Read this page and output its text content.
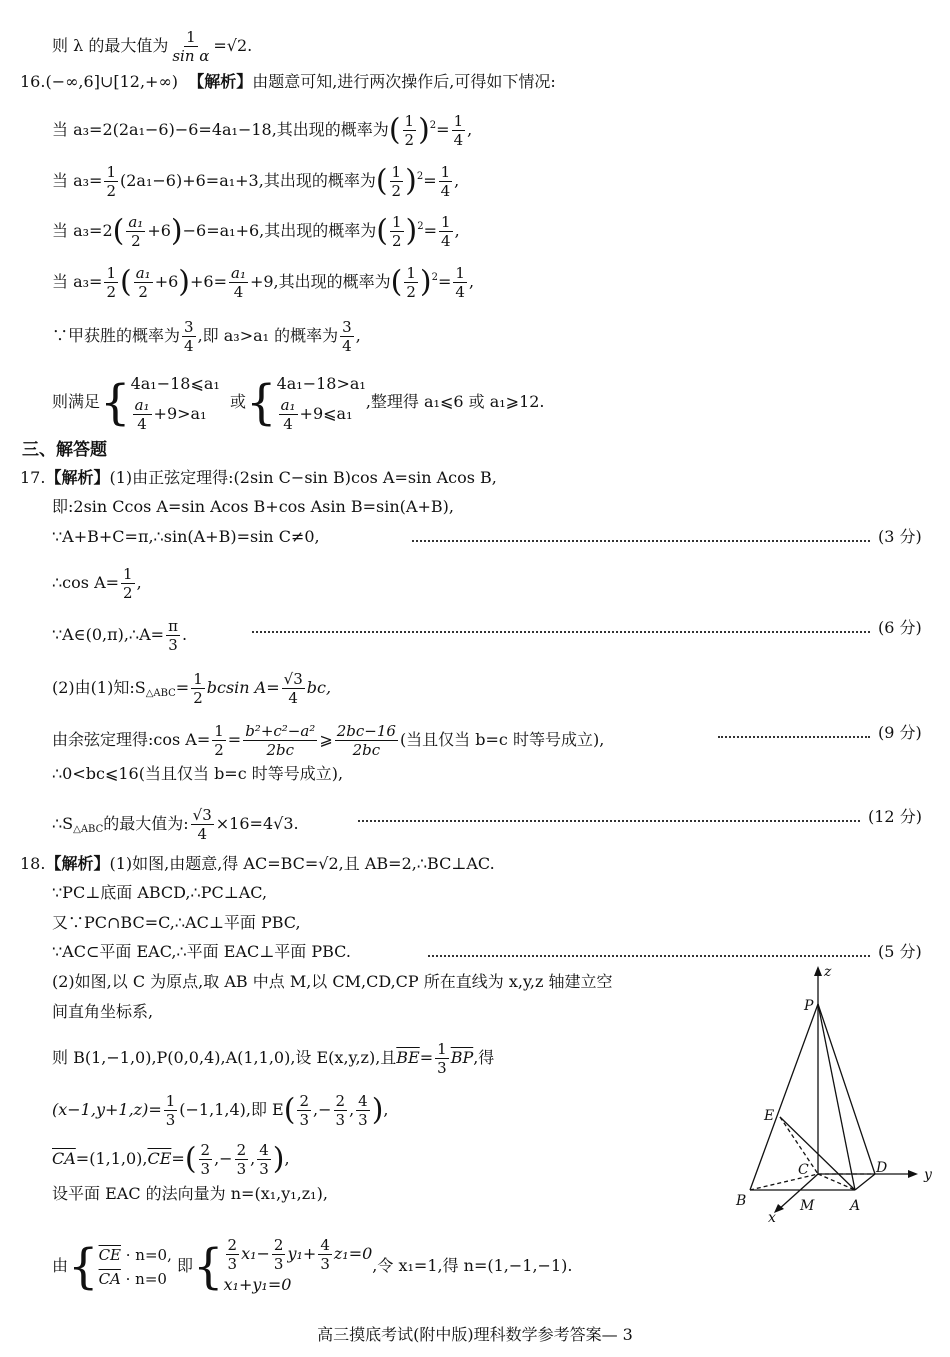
则 λ 的最大值为 $\frac{1}{\text{sin α}} =√2$.
16.(−∞,6]∪[12,+∞) 【解析】由题意可知,进行两次操作后,可得如下情况:
当 a₃=2(2a₁−6)−6=4a₁−18,其出现的概率为( $\frac{1}{2} )^2= \frac{1}{4}$ ,
当 $a_3= \frac{1}{2} (2a_1-6)+6=a_1+3$,其出现的概率为( $\frac{1}{2} )^2= \frac{1}{4}$ ,
当 $a_3=2( \frac{\text{a₁}}{2} +6)-6=a_1+6$,其出现的概率为( $\frac{1}{2} )^2= \frac{1}{4}$ ,
当 $a_3= \frac{1}{2}$ ( $\frac{\text{a₁}}{2} +6)+6= \frac{\text{a₁}}{4} +9$,其出现的概率为( $\frac{1}{2} )^2= \frac{1}{4}$ ,
∵甲获胜的概率为 $\frac{3}{4}$ ,即 a₃>a₁ 的概率为 $\frac{3}{4}$ ,
则满足{ 4a₁−18⩽a₁
$\frac{\text{a₁}}{4} +9>a_1$
或{ 4a₁−18>a₁
$\frac{\text{a₁}}{4}$ +9⩽a₁
,整理得 a₁⩽6 或 a₁⩾12.
三、解答题
17.【解析】(1)由正弦定理得:(2sin C−sin B)cos A=sin Acos B,
即:2sin Ccos A=sin Acos B+cos Asin B=sin(A+B),
∵A+B+C=π,∴sin(A+B)=sin C≠0,	(3 分)
∴cos $A= \frac{1}{2}$ ,
∵A∈(0,π),∴A= $\frac{\pi}{3}$ .	(6 分)
(2)由(1)知$:S_{\triangle ABC}= \frac{1}{2}$ bcsin $A= \frac{√3}{4}$ bc,
由余弦定理得:cos $A= \frac{1}{2} = \frac{\text{b²+c²−a²}}{2bc}$ ⩾ $\frac{2bc-16}{2bc}$ (当且仅当 b=c 时等号成立),	(9 分)
∴0<bc⩽16(当且仅当 b=c 时等号成立),
$\therefore S_{\triangle ABC}$的最大值为: $\frac{√3}{4} \times 16=4√3$.	(12 分)
18.【解析】(1)如图,由题意,得 AC=BC=√2,且 AB=2,∴BC⊥AC.
∵PC⊥底面 ABCD,∴PC⊥AC,
又∵PC∩BC=C,∴AC⊥平面 PBC,
∵AC⊂平面 EAC,∴平面 EAC⊥平面 PBC.	(5 分)
(2)如图,以 C 为原点,取 AB 中点 M,以 CM,CD,CP 所在直线为 x,y,z 轴建立空
间直角坐标系,
则 B(1,−1,0),P(0,0,4),A(1,1,0),设 E(x,y,z),且$\overline{BE}= \frac{1}{3} \overline{BP}$,得
$(x-1,y+1,z)= \frac{1}{3} (-1,1,4)$,即 $E( \frac{2}{3}$ ,− $\frac{2}{3}$ , $\frac{4}{3}$ ),
$\overline{CA}=(1,1,0),\overline{CE}=( \frac{2}{3}$ ,− $\frac{2}{3}$ , $\frac{4}{3}$ ),
设平面 EAC 的法向量为 n=(x₁,y₁,z₁),
由{ $\overline{CE} \cdot n=0$,
$\overline{CA} \cdot n=0$
即{ $\frac{2}{3} x_1- \frac{2}{3} y_1+ \frac{4}{3} z_1=0$
x₁+y₁=0
,令 x₁=1,得 n=(1,−1,−1).
z
y
x
P
E
C	D
B	M	A
高三摸底考试(附中版)理科数学参考答案— 3
